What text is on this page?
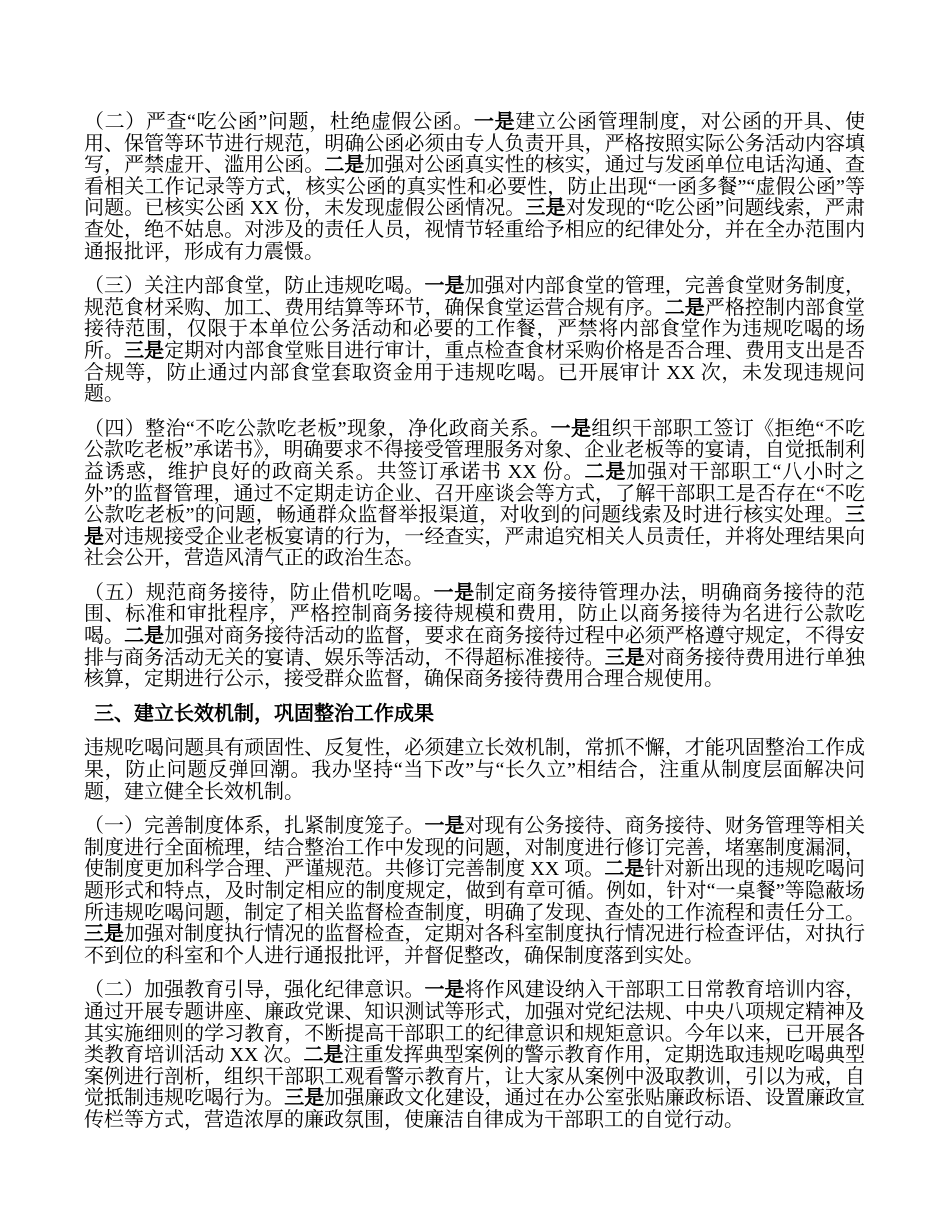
（二）严查“吃公函”问题，杜绝虚假公函。一是建立公函管理制度，对公函的开具、使用、保管等环节进行规范，明确公函必须由专人负责开具，严格按照实际公务活动内容填写，严禁虚开、滥用公函。二是加强对公函真实性的核实，通过与发函单位电话沟通、查看相关工作记录等方式，核实公函的真实性和必要性，防止出现“一函多餐”“虚假公函”等问题。已核实公函 XX 份，未发现虚假公函情况。三是对发现的“吃公函”问题线索，严肃查处，绝不姑息。对涉及的责任人员，视情节轻重给予相应的纪律处分，并在全办范围内通报批评，形成有力震慑。

（三）关注内部食堂，防止违规吃喝。一是加强对内部食堂的管理，完善食堂财务制度，规范食材采购、加工、费用结算等环节，确保食堂运营合规有序。二是严格控制内部食堂接待范围，仅限于本单位公务活动和必要的工作餐，严禁将内部食堂作为违规吃喝的场所。三是定期对内部食堂账目进行审计，重点检查食材采购价格是否合理、费用支出是否合规等，防止通过内部食堂套取资金用于违规吃喝。已开展审计 XX 次，未发现违规问题。

（四）整治“不吃公款吃老板”现象，净化政商关系。一是组织干部职工签订《拒绝“不吃公款吃老板”承诺书》，明确要求不得接受管理服务对象、企业老板等的宴请，自觉抵制利益诱惑，维护良好的政商关系。共签订承诺书 XX 份。二是加强对干部职工“八小时之外”的监督管理，通过不定期走访企业、召开座谈会等方式，了解干部职工是否存在“不吃公款吃老板”的问题，畅通群众监督举报渠道，对收到的问题线索及时进行核实处理。三是对违规接受企业老板宴请的行为，一经查实，严肃追究相关人员责任，并将处理结果向社会公开，营造风清气正的政治生态。

（五）规范商务接待，防止借机吃喝。一是制定商务接待管理办法，明确商务接待的范围、标准和审批程序，严格控制商务接待规模和费用，防止以商务接待为名进行公款吃喝。二是加强对商务接待活动的监督，要求在商务接待过程中必须严格遵守规定，不得安排与商务活动无关的宴请、娱乐等活动，不得超标准接待。三是对商务接待费用进行单独核算，定期进行公示，接受群众监督，确保商务接待费用合理合规使用。

三、建立长效机制，巩固整治工作成果

违规吃喝问题具有顽固性、反复性，必须建立长效机制，常抓不懈，才能巩固整治工作成果，防止问题反弹回潮。我办坚持“当下改”与“长久立”相结合，注重从制度层面解决问题，建立健全长效机制。

（一）完善制度体系，扎紧制度笼子。一是对现有公务接待、商务接待、财务管理等相关制度进行全面梳理，结合整治工作中发现的问题，对制度进行修订完善，堵塞制度漏洞，使制度更加科学合理、严谨规范。共修订完善制度 XX 项。二是针对新出现的违规吃喝问题形式和特点，及时制定相应的制度规定，做到有章可循。例如，针对“一桌餐”等隐蔽场所违规吃喝问题，制定了相关监督检查制度，明确了发现、查处的工作流程和责任分工。三是加强对制度执行情况的监督检查，定期对各科室制度执行情况进行检查评估，对执行不到位的科室和个人进行通报批评，并督促整改，确保制度落到实处。

（二）加强教育引导，强化纪律意识。一是将作风建设纳入干部职工日常教育培训内容，通过开展专题讲座、廉政党课、知识测试等形式，加强对党纪法规、中央八项规定精神及其实施细则的学习教育，不断提高干部职工的纪律意识和规矩意识。今年以来，已开展各类教育培训活动 XX 次。二是注重发挥典型案例的警示教育作用，定期选取违规吃喝典型案例进行剖析，组织干部职工观看警示教育片，让大家从案例中汲取教训，引以为戒，自觉抵制违规吃喝行为。三是加强廉政文化建设，通过在办公室张贴廉政标语、设置廉政宣传栏等方式，营造浓厚的廉政氛围，使廉洁自律成为干部职工的自觉行动。
